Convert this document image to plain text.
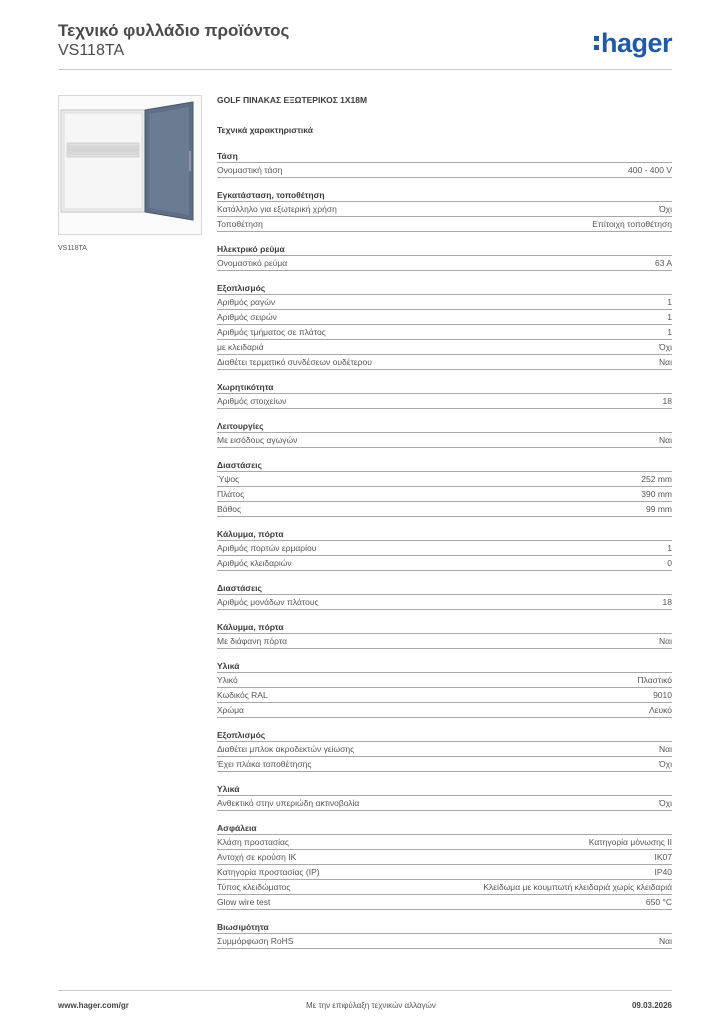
Τεχνικό φυλλάδιο προϊόντος
VS118TA	hager
VS118TA
GOLF ΠΙΝΑΚΑΣ ΕΞΩΤΕΡΙΚΟΣ 1Χ18Μ
Τεχνικά χαρακτηριστικά
Τάση
Ονομαστική τάση	400 - 400 V
Εγκατάσταση, τοποθέτηση
Κατάλληλο για εξωτερική χρήση	Όχι
Τοποθέτηση	Επίτοιχη τοποθέτηση
Ηλεκτρικό ρεύμα
Ονομαστικό ρεύμα	63 A
Εξοπλισμός
Αριθμός ραγών	1
Αριθμός σειρών	1
Αριθμός τμήματος σε πλάτος	1
με κλειδαριά	Όχι
Διαθέτει τερματικό συνδέσεων ουδέτερου	Ναι
Χωρητικότητα
Αριθμός στοιχείων	18
Λειτουργίες
Με εισόδους αγωγών	Ναι
Διαστάσεις
Ύψος	252 mm
Πλάτος	390 mm
Βάθος	99 mm
Κάλυμμα, πόρτα
Αριθμός πορτών ερμαρίου	1
Αριθμός κλειδαριών	0
Διαστάσεις
Αριθμός μονάδων πλάτους	18
Κάλυμμα, πόρτα
Με διάφανη πόρτα	Ναι
Υλικά
Υλικό	Πλαστικό
Κωδικός RAL	9010
Χρώμα	Λευκό
Εξοπλισμός
Διαθέτει μπλοκ ακροδεκτών γείωσης	Ναι
Έχει πλάκα τοποθέτησης	Όχι
Υλικά
Ανθεκτικό στην υπεριώδη ακτινοβολία	Όχι
Ασφάλεια
Κλάση προστασίας	Κατηγορία μόνωσης II
Αντοχή σε κρούση IK	IK07
Κατηγορία προστασίας (IP)	IP40
Τύπος κλειδώματος	Κλείδωμα με κουμπωτή κλειδαριά χωρίς κλειδαριά
Glow wire test	650 °C
Βιωσιμότητα
Συμμόρφωση RoHS	Ναι
www.hager.com/gr	Με την επιφύλαξη τεχνικών αλλαγών	09.03.2026
